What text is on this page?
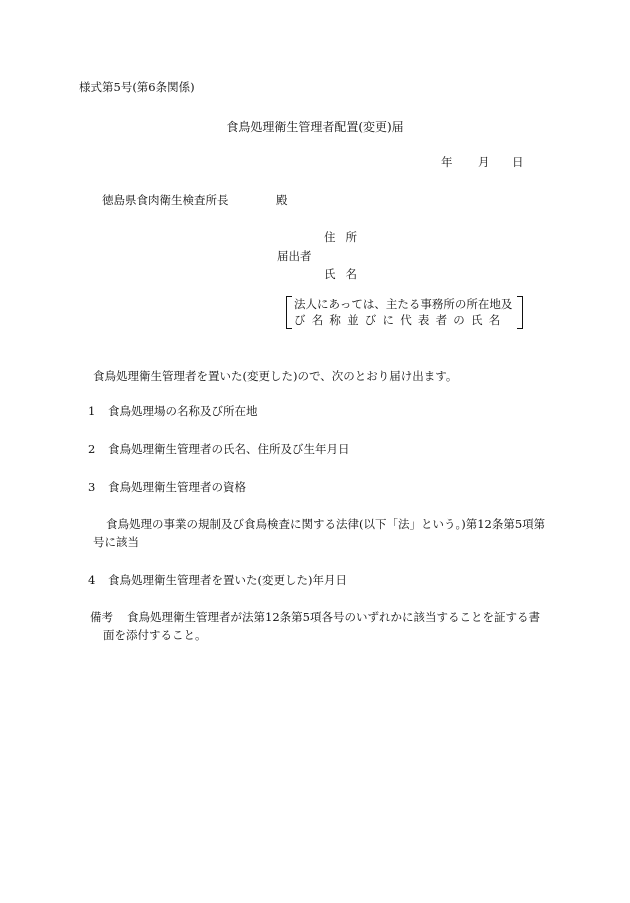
様式第5号(第6条関係)
食鳥処理衛生管理者配置(変更)届
年 月 日
徳島県食肉衛生検査所長	殿
住所
届出者
氏名
法人にあっては、主たる事務所の所在地及
び名称並びに代表者の氏名
食鳥処理衛生管理者を置いた(変更した)ので、次のとおり届け出ます。
1 食鳥処理場の名称及び所在地
2 食鳥処理衛生管理者の氏名、住所及び生年月日
3 食鳥処理衛生管理者の資格
食鳥処理の事業の規制及び食鳥検査に関する法律(以下「法」という。)第12条第5項第
号に該当
4 食鳥処理衛生管理者を置いた(変更した)年月日
備考 食鳥処理衛生管理者が法第12条第5項各号のいずれかに該当することを証する書
面を添付すること。
